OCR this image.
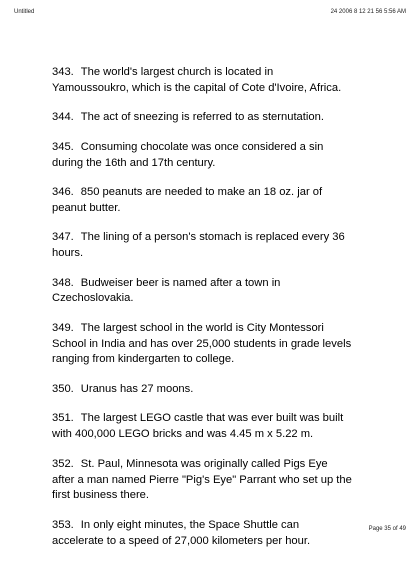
Untitled	24 2006 8 12 21 56 5:56 AM
343. The world's largest church is located in
Yamoussoukro, which is the capital of Cote d'Ivoire, Africa.
344. The act of sneezing is referred to as sternutation.
345. Consuming chocolate was once considered a sin
during the 16th and 17th century.
346. 850 peanuts are needed to make an 18 oz. jar of
peanut butter.
347. The lining of a person's stomach is replaced every 36
hours.
348. Budweiser beer is named after a town in
Czechoslovakia.
349. The largest school in the world is City Montessori
School in India and has over 25,000 students in grade levels
ranging from kindergarten to college.
350. Uranus has 27 moons.
351. The largest LEGO castle that was ever built was built
with 400,000 LEGO bricks and was 4.45 m x 5.22 m.
352. St. Paul, Minnesota was originally called Pigs Eye
after a man named Pierre "Pig's Eye" Parrant who set up the
first business there.
353. In only eight minutes, the Space Shuttle can
accelerate to a speed of 27,000 kilometers per hour.
Page 35 of 49
